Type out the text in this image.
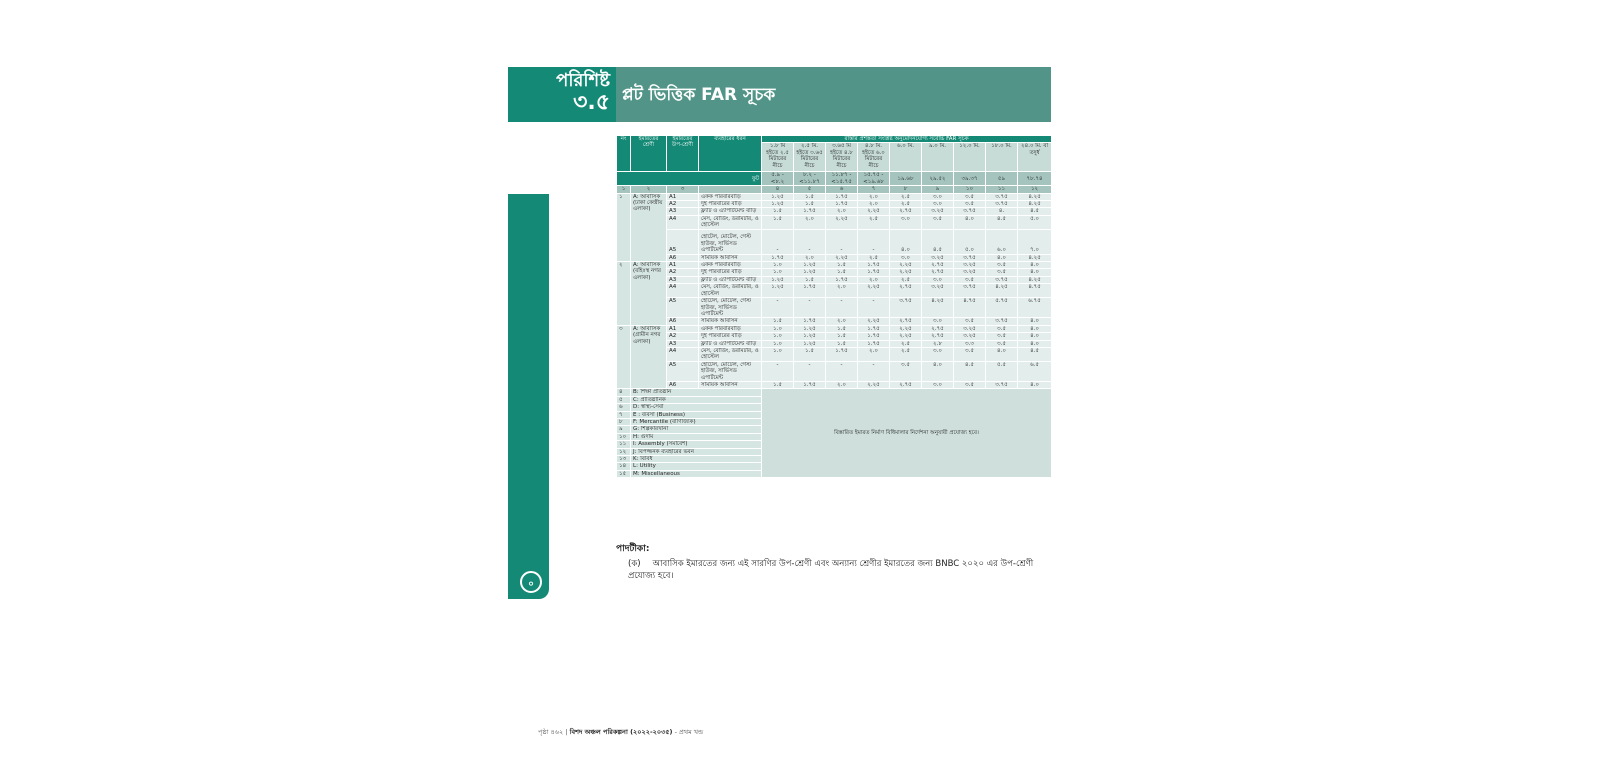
পরিশিষ্ট
৩.৫ প্লট ভিত্তিক FAR সূচক
⚬
নং	ইমারতের শ্রেণী	ইমারতের উপ-শ্রেণী	ব্যবহারের ধরন	রাস্তার প্রশস্ততা সংশ্লিষ্ট অনুমোদনযোগ্য সর্বোচ্চ FAR সূচক								
				১.৮ মি হইতে ২.৫ মিটারের নীচে	২.৫ মি. হইতে ৩.৬৫ মিটারের নীচে	৩.৬৫ মি হইতে ৪.৮ মিটারের নীচে	৪.৮ মি. হইতে ৬.০ মিটারের নীচে	৬.০ মি.	৯.০ মি.	১২.০ মি.	১৮.০ মি.	২৪.০ মি. বা তদুর্ধ
ফুট				৫.৯ - <৮.২	৮.২ - <১১.৮৭	১১.৮৭ - <১৫.৭৫	১৫.৭৫ - <১৯.৬৮	১৯.৬৮	২৯.৫২	৩৯.৩৭	৫৯	৭৮.৭৪
১	২	৩		৪	৫	৬	৭	৮	৯	১০	১১	১২
১	A: আবাসিক (ঢাকা কেন্দ্রীয় এলাকা)	A1	একক পরিবারবাড়ি	১.২৫	১.৫	১.৭৫	২.০	২.৫	৩.০	৩.৫	৩.৭৫	৪.২৫
		A2	দুই পরিবারের বাড়ি	১.২৫	১.৫	১.৭৫	২.০	২.৫	৩.০	৩.৫	৩.৭৫	৪.২৫
		A3	ফ্ল্যাট ও এ্যাপার্টমেন্ট বাড়ি	১.৫	১.৭৫	২.০	২.২৫	২.৭৫	৩.২৫	৩.৭৫	৪.	৪.৫
		A4	মেস, বোর্ডিং, ডরমিটরি, ও হোস্টেল	১.৫	২.০	২.২৫	২.৫	৩.০	৩.৫	৪.০	৪.৫	৫.০
		A5	হোটেল, মোটেল, গেস্ট হাউজ, সার্ভিসড এপার্টমেন্ট	-	-	-	-	৪.০	৪.৫	৫.০	৬.০	৭.০
		A6	সাময়িক আবাসন	১.৭৫	২.০	২.২৫	২.৫	৩.০	৩.২৫	৩.৭৫	৪.০	৪.২৫
২	A: আবাসিক (বহিঃস্থ নগর এলাকা)	A1	একক পরিবারবাড়ি	১.০	১.২৫	১.৫	১.৭৫	২.২৫	২.৭৫	৩.২৫	৩.৫	৪.০
		A2	দুই পরিবারের বাড়ি	১.০	১.২৫	১.৫	১.৭৫	২.২৫	২.৭৫	৩.২৫	৩.৫	৪.০
		A3	ফ্ল্যাট ও এ্যাপার্টমেন্ট বাড়ি	১.২৫	১.৫	১.৭৫	২.০	২.৫	৩.০	৩.৫	৩.৭৫	৪.২৫
		A4	মেস, বোর্ডিং, ডরমিটরি, ও হোস্টেল	১.২৫	১.৭৫	২.০	২.২৫	২.৭৫	৩.২৫	৩.৭৫	৪.২৫	৪.৭৫
		A5	হোটেল, মোটেল, গেস্ট হাউজ, সার্ভিসড এপার্টমেন্ট	-	-	-	-	৩.৭৫	৪.২৫	৪.৭৫	৫.৭৫	৬.৭৫
		A6	সাময়িক আবাসন	১.৫	১.৭৫	২.০	২.২৫	২.৭৫	৩.০	৩.৫	৩.৭৫	৪.০
৩	A: আবাসিক (গ্রামীন নগর এলাকা)	A1	একক পরিবারবাড়ি	১.০	১.২৫	১.৫	১.৭৫	২.২৫	২.৭৫	৩.২৫	৩.৫	৪.০
		A2	দুই পরিবারের বাড়ি	১.০	১.২৫	১.৫	১.৭৫	২.২৫	২.৭৫	৩.২৫	৩.৫	৪.০
		A3	ফ্ল্যাট ও এ্যাপার্টমেন্ট বাড়ি	১.০	১.২৫	১.৫	১.৭৫	২.৫	২.৮	৩.৩	৩.৫	৪.০
		A4	মেস, বোর্ডিং, ডরমিটরি, ও হোস্টেল	১.০	১.৫	১.৭৫	২.০	২.৫	৩.০	৩.৫	৪.০	৪.৫
		A5	হোটেল, মোটেল, গেস্ট হাউজ, সার্ভিসড এপার্টমেন্ট	-	-	-	-	৩.৫	৪.০	৪.৫	৫.৫	৬.৫
		A6	সাময়িক আবাসন	১.৫	১.৭৫	২.০	২.২৫	২.৭৫	৩.০	৩.৫	৩.৭৫	৪.০
৪	B: শিক্ষা প্রতিষ্ঠান			বিস্তারিত ইমারত নির্মাণ বিধিমালার নির্দেশনা অনুযায়ী প্রযোজ্য হবে।								
৫	C: প্রাতিষ্ঠানিক											
৬	D: স্বাস্থ্য-সেবা											
৭	E : ব্যবসা (Business)											
৮	F: Mercantile (বাণিজ্যিক)											
৯	G: শিল্পকারখানা											
১০	H: গুদাম											
১১	I: Assembly (সমাবেশ)											
১২	J: বিপজ্জনক ব্যবহারের ভবন											
১৩	K: বিবিধ											
১৪	L: Utility											
১৫	M: Miscellaneous											
পাদটীকা:
(ক) আবাসিক ইমারতের জন্য এই সারণির উপ-শ্রেণী এবং অন্যান্য শ্রেণীর ইমারতের জন্য BNBC ২০২০ এর উপ-শ্রেণী প্রযোজ্য হবে।
পৃষ্ঠা ৪৬২ | বিশদ অঞ্চল পরিকল্পনা (২০২২-২০৩৫) - প্রথম খন্ড
